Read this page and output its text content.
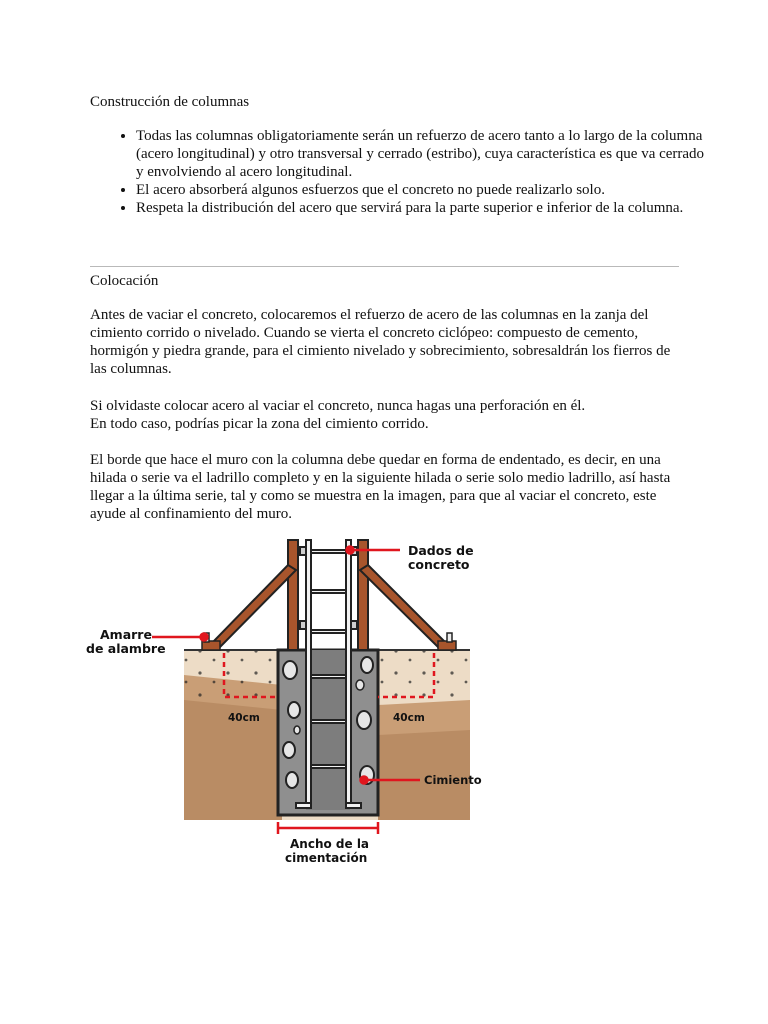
Construcción de columnas
• Todas las columnas obligatoriamente serán un refuerzo de acero tanto a lo largo de la columna (acero longitudinal) y otro transversal y cerrado (estribo), cuya característica es que va cerrado y envolviendo al acero longitudinal.
• El acero absorberá algunos esfuerzos que el concreto no puede realizarlo solo.
• Respeta la distribución del acero que servirá para la parte superior e inferior de la columna.
Colocación
Antes de vaciar el concreto, colocaremos el refuerzo de acero de las columnas en la zanja del cimiento corrido o nivelado. Cuando se vierta el concreto ciclópeo: compuesto de cemento, hormigón y piedra grande, para el cimiento nivelado y sobrecimiento, sobresaldrán los fierros de las columnas.
Si olvidaste colocar acero al vaciar el concreto, nunca hagas una perforación en él.
En todo caso, podrías picar la zona del cimiento corrido.
El borde que hace el muro con la columna debe quedar en forma de endentado, es decir, en una hilada o serie va el ladrillo completo y en la siguiente hilada o serie solo medio ladrillo, así hasta llegar a la última serie, tal y como se muestra en la imagen, para que al vaciar el concreto, este ayude al confinamiento del muro.
Dados de
concreto
Amarre
de alambre
40cm	40cm
Cimiento
Ancho de la
cimentación
